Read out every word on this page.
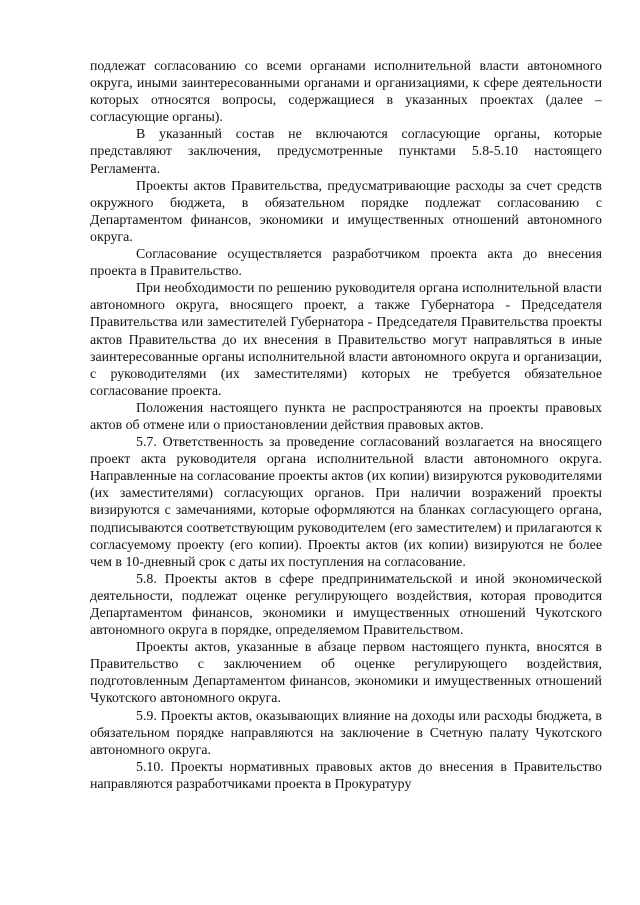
подлежат согласованию со всеми органами исполнительной власти автономного округа, иными заинтересованными органами и организациями, к сфере деятельности которых относятся вопросы, содержащиеся в указанных проектах (далее – согласующие органы).

В указанный состав не включаются согласующие органы, которые представляют заключения, предусмотренные пунктами 5.8-5.10 настоящего Регламента.

Проекты актов Правительства, предусматривающие расходы за счет средств окружного бюджета, в обязательном порядке подлежат согласованию с Департаментом финансов, экономики и имущественных отношений автономного округа.

Согласование осуществляется разработчиком проекта акта до внесения проекта в Правительство.

При необходимости по решению руководителя органа исполнительной власти автономного округа, вносящего проект, а также Губернатора - Председателя Правительства или заместителей Губернатора - Председателя Правительства проекты актов Правительства до их внесения в Правительство могут направляться в иные заинтересованные органы исполнительной власти автономного округа и организации, с руководителями (их заместителями) которых не требуется обязательное согласование проекта.

Положения настоящего пункта не распространяются на проекты правовых актов об отмене или о приостановлении действия правовых актов.

5.7. Ответственность за проведение согласований возлагается на вносящего проект акта руководителя органа исполнительной власти автономного округа. Направленные на согласование проекты актов (их копии) визируются руководителями (их заместителями) согласующих органов. При наличии возражений проекты визируются с замечаниями, которые оформляются на бланках согласующего органа, подписываются соответствующим руководителем (его заместителем) и прилагаются к согласуемому проекту (его копии). Проекты актов (их копии) визируются не более чем в 10-дневный срок с даты их поступления на согласование.

5.8. Проекты актов в сфере предпринимательской и иной экономической деятельности, подлежат оценке регулирующего воздействия, которая проводится Департаментом финансов, экономики и имущественных отношений Чукотского автономного округа в порядке, определяемом Правительством.

Проекты актов, указанные в абзаце первом настоящего пункта, вносятся в Правительство с заключением об оценке регулирующего воздействия, подготовленным Департаментом финансов, экономики и имущественных отношений Чукотского автономного округа.

5.9. Проекты актов, оказывающих влияние на доходы или расходы бюджета, в обязательном порядке направляются на заключение в Счетную палату Чукотского автономного округа.

5.10. Проекты нормативных правовых актов до внесения в Правительство направляются разработчиками проекта в Прокуратуру
